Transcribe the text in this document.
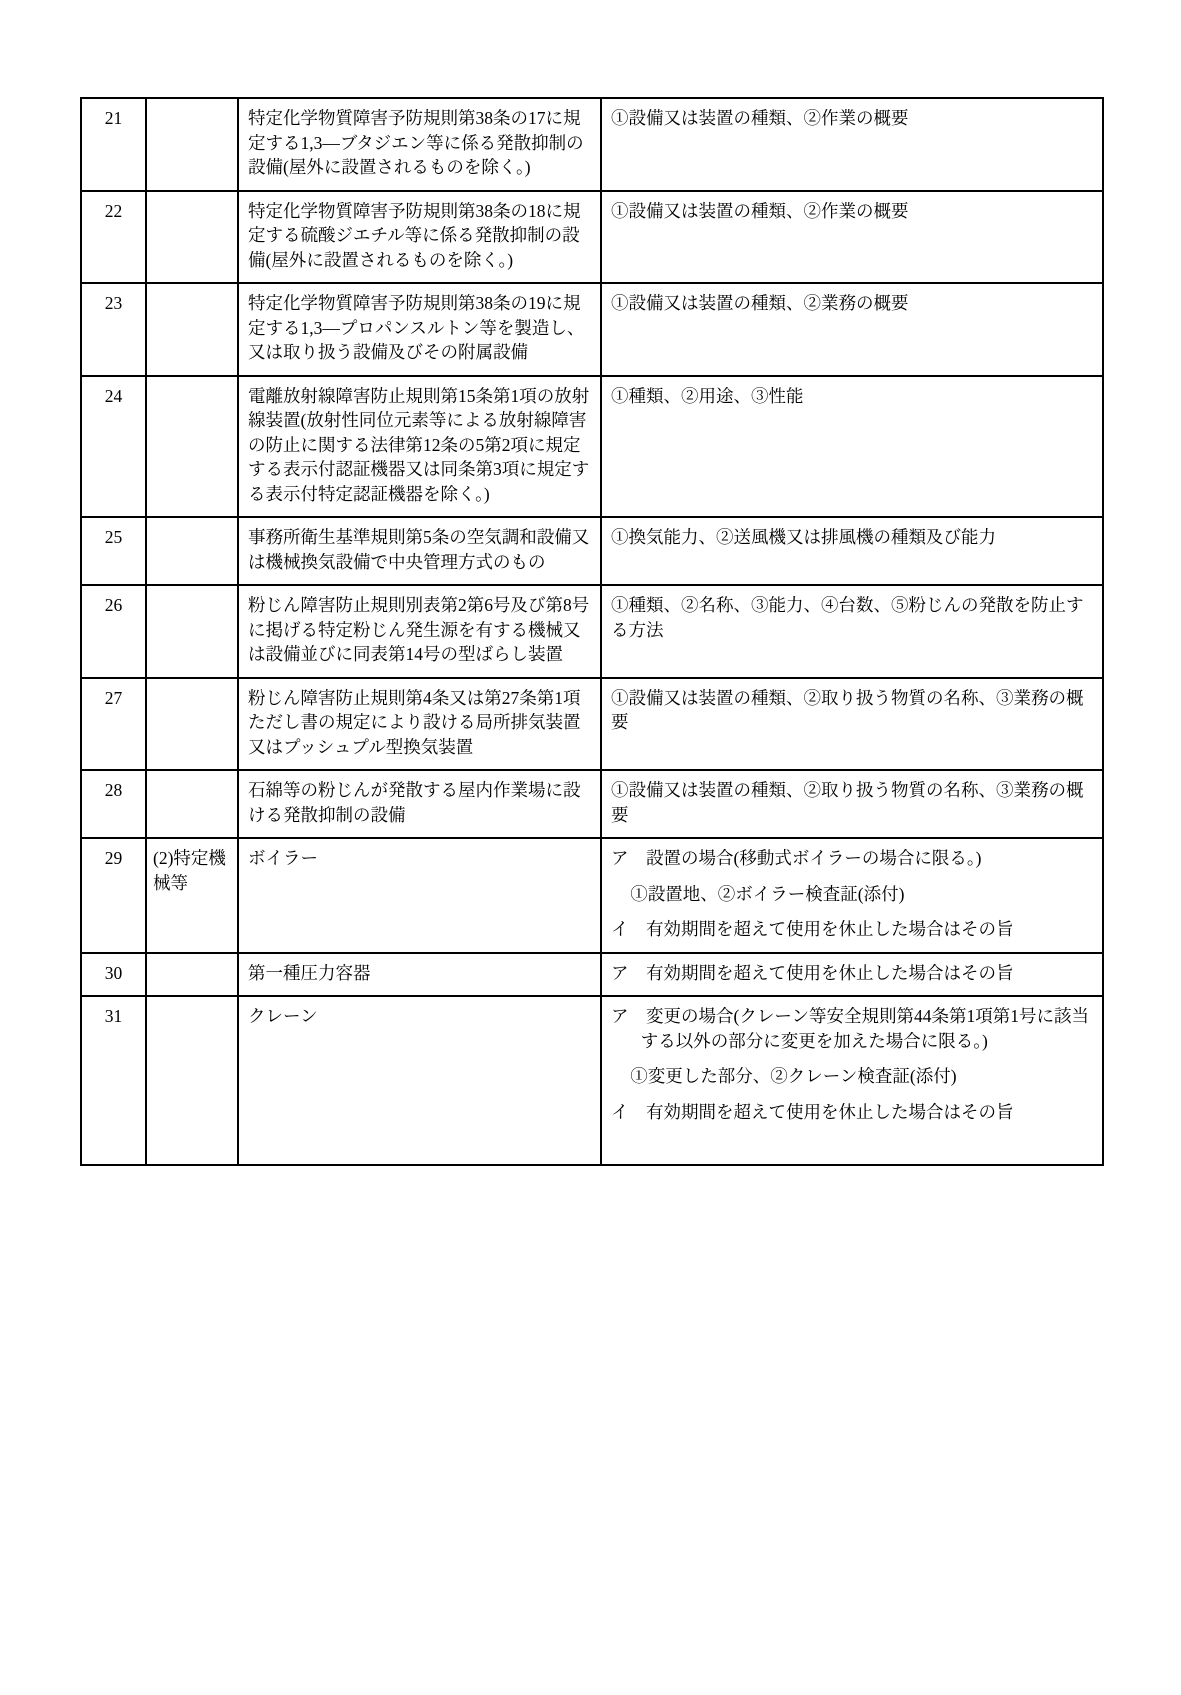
21		特定化学物質障害予防規則第38条の17に規定する1,3―ブタジエン等に係る発散抑制の設備(屋外に設置されるものを除く。)	①設備又は装置の種類、②作業の概要

22		特定化学物質障害予防規則第38条の18に規定する硫酸ジエチル等に係る発散抑制の設備(屋外に設置されるものを除く。)	①設備又は装置の種類、②作業の概要

23		特定化学物質障害予防規則第38条の19に規定する1,3―プロパンスルトン等を製造し、又は取り扱う設備及びその附属設備	①設備又は装置の種類、②業務の概要

24		電離放射線障害防止規則第15条第1項の放射線装置(放射性同位元素等による放射線障害の防止に関する法律第12条の5第2項に規定する表示付認証機器又は同条第3項に規定する表示付特定認証機器を除く。)	①種類、②用途、③性能

25		事務所衛生基準規則第5条の空気調和設備又は機械換気設備で中央管理方式のもの	①換気能力、②送風機又は排風機の種類及び能力

26		粉じん障害防止規則別表第2第6号及び第8号に掲げる特定粉じん発生源を有する機械又は設備並びに同表第14号の型ばらし装置	①種類、②名称、③能力、④台数、⑤粉じんの発散を防止する方法

27		粉じん障害防止規則第4条又は第27条第1項ただし書の規定により設ける局所排気装置又はプッシュプル型換気装置	①設備又は装置の種類、②取り扱う物質の名称、③業務の概要

28		石綿等の粉じんが発散する屋内作業場に設ける発散抑制の設備	①設備又は装置の種類、②取り扱う物質の名称、③業務の概要

29	(2)特定機械等	ボイラー	ア　設置の場合(移動式ボイラーの場合に限る。)
①設置地、②ボイラー検査証(添付)
イ　有効期間を超えて使用を休止した場合はその旨

30		第一種圧力容器	ア　有効期間を超えて使用を休止した場合はその旨

31		クレーン	ア　変更の場合(クレーン等安全規則第44条第1項第1号に該当する以外の部分に変更を加えた場合に限る。)
①変更した部分、②クレーン検査証(添付)
イ　有効期間を超えて使用を休止した場合はその旨
